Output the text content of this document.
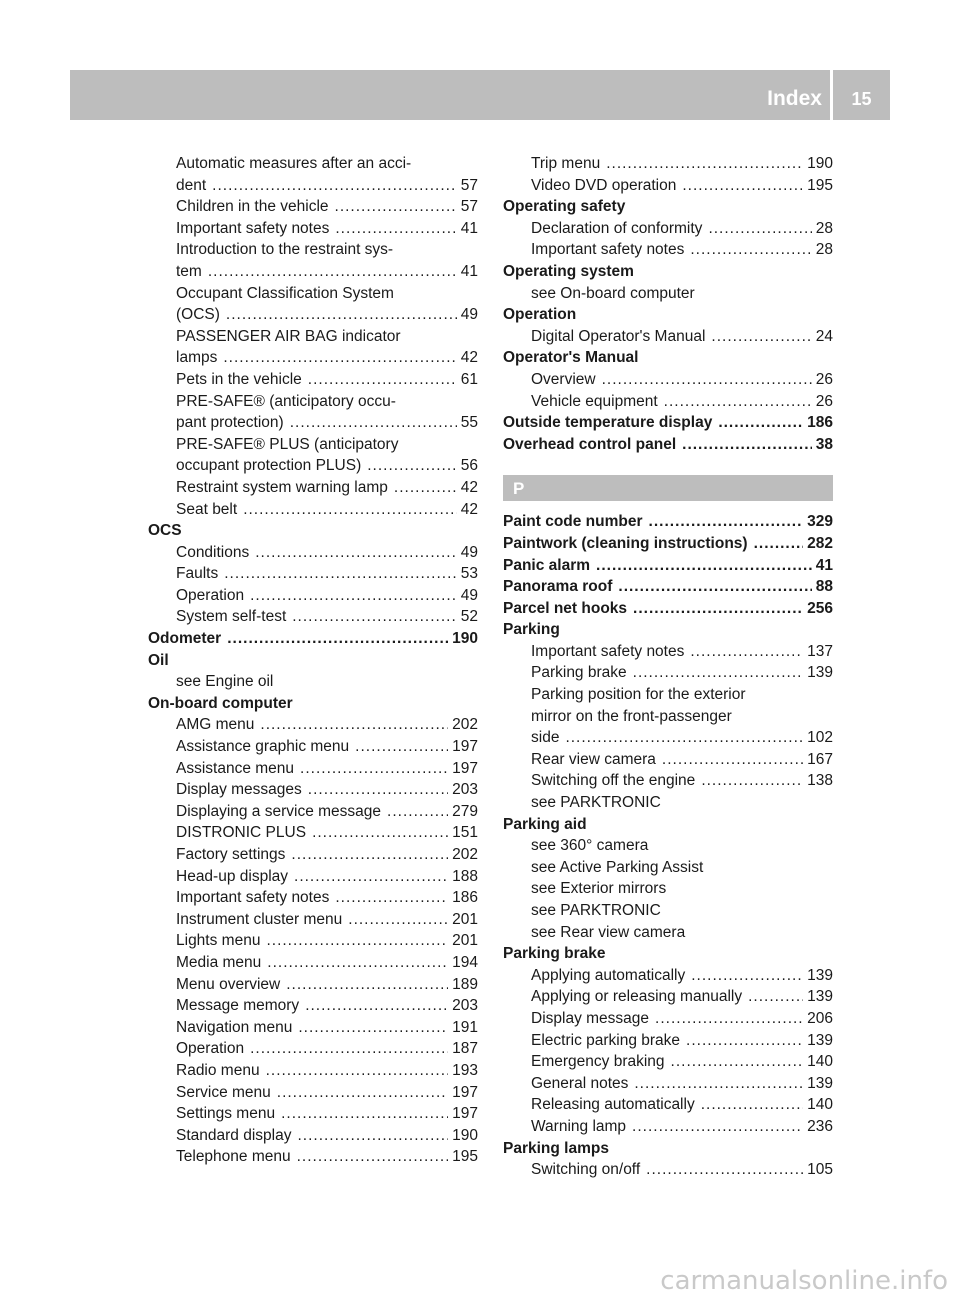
Index	15
Automatic measures after an acci-
dent .....	57
Children in the vehicle .....	57
Important safety notes .....	41
Introduction to the restraint sys-
tem .....	41
Occupant Classification System
(OCS) .....	49
PASSENGER AIR BAG indicator
lamps .....	42
Pets in the vehicle .....	61
PRE-SAFE® (anticipatory occu-
pant protection) .....	55
PRE-SAFE® PLUS (anticipatory
occupant protection PLUS) .....	56
Restraint system warning lamp .....	42
Seat belt .....	42
OCS
Conditions .....	49
Faults .....	53
Operation .....	49
System self-test .....	52
Odometer .....	190
Oil
see Engine oil
On-board computer
AMG menu .....	202
Assistance graphic menu .....	197
Assistance menu .....	197
Display messages .....	203
Displaying a service message .....	279
DISTRONIC PLUS .....	151
Factory settings .....	202
Head-up display .....	188
Important safety notes .....	186
Instrument cluster menu .....	201
Lights menu .....	201
Media menu .....	194
Menu overview .....	189
Message memory .....	203
Navigation menu .....	191
Operation .....	187
Radio menu .....	193
Service menu .....	197
Settings menu .....	197
Standard display .....	190
Telephone menu .....	195
Trip menu .....	190
Video DVD operation .....	195
Operating safety
Declaration of conformity .....	28
Important safety notes .....	28
Operating system
see On-board computer
Operation
Digital Operator's Manual .....	24
Operator's Manual
Overview .....	26
Vehicle equipment .....	26
Outside temperature display .....	186
Overhead control panel .....	38
P
Paint code number .....	329
Paintwork (cleaning instructions) .....	282
Panic alarm .....	41
Panorama roof .....	88
Parcel net hooks .....	256
Parking
Important safety notes .....	137
Parking brake .....	139
Parking position for the exterior
mirror on the front-passenger
side .....	102
Rear view camera .....	167
Switching off the engine .....	138
see PARKTRONIC
Parking aid
see 360° camera
see Active Parking Assist
see Exterior mirrors
see PARKTRONIC
see Rear view camera
Parking brake
Applying automatically .....	139
Applying or releasing manually .....	139
Display message .....	206
Electric parking brake .....	139
Emergency braking .....	140
General notes .....	139
Releasing automatically .....	140
Warning lamp .....	236
Parking lamps
Switching on/off .....	105
carmanualsonline.info
